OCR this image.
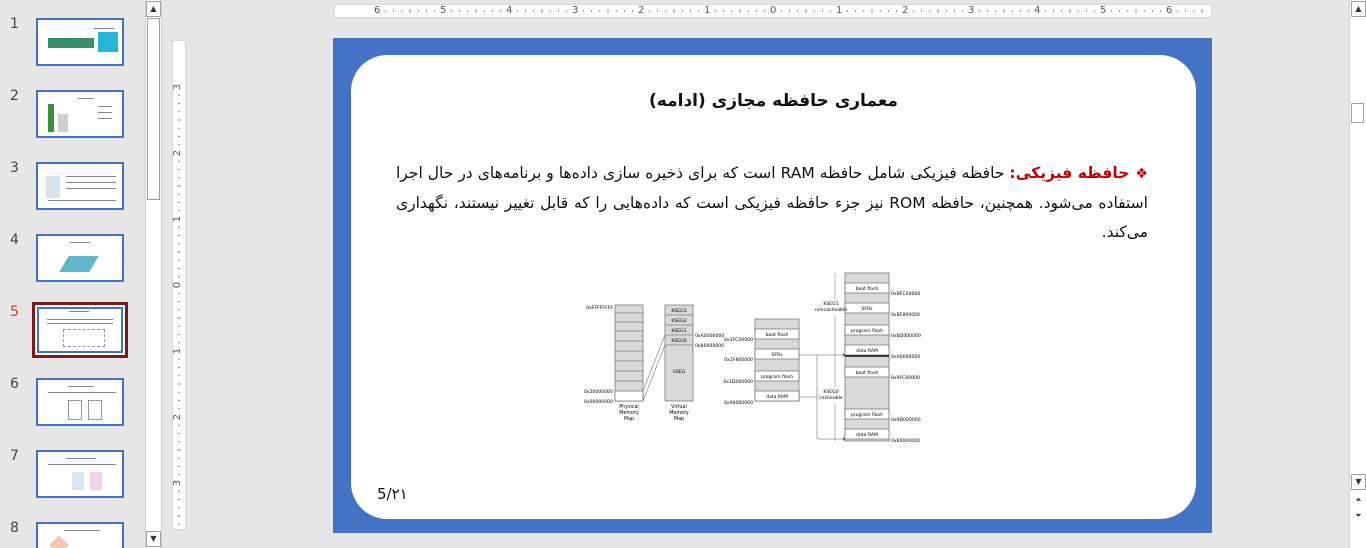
1
2
3
4
5
6
7
8
▲
▼
6	5	4	3	2	1	0	1	2	3	4	5	6
3
2
1
0
1
2
3
معماری حافظه مجازی (ادامه)
❖حافظه فیزیکی: حافظه فیزیکی شامل حافظه RAM است که برای ذخیره سازی داده‌ها و برنامه‌های در حال اجرا استفاده می‌شود. همچنین، حافظه ROM نیز جزء حافظه فیزیکی است که داده‌هایی را که قابل تغییر نیستند، نگهداری می‌کند.
0xFFFFFFFF
0x20000000
0x00000000
Physical
Memory
Map
KSEG3
KSEG2
KSEG1
KSEG0
USEG
0xA0000000
0x80000000
Virtual
Memory
Map
boot flash
SFRs
program flash
data RAM
0x1FC00000
0x1F800000
0x1D000000
0x00000000
boot flash
SFRs
program flash
data RAM
boot flash
program flash
data RAM
0xBFC00000
0xBF800000
0xBD000000
0xA0000000
0x9FC00000
0x9D000000
0x80000000
KSEG1
noncacheable
KSEG0
cacheable
5/۲۱
▲
▼
⏶
⏷
